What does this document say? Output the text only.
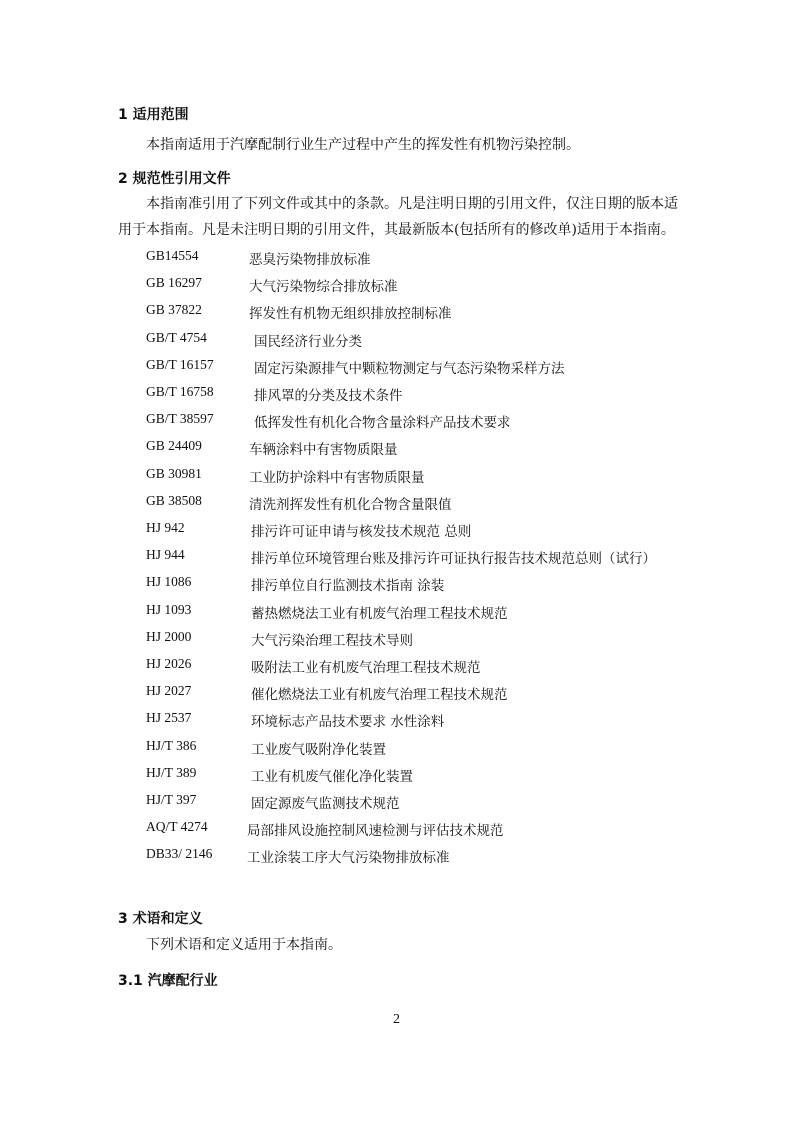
1 适用范围
本指南适用于汽摩配制行业生产过程中产生的挥发性有机物污染控制。
2 规范性引用文件
本指南准引用了下列文件或其中的条款。凡是注明日期的引用文件，仅注日期的版本适
用于本指南。凡是未注明日期的引用文件，其最新版本(包括所有的修改单)适用于本指南。
GB14554	恶臭污染物排放标准
GB 16297	大气污染物综合排放标准
GB 37822	挥发性有机物无组织排放控制标准
GB/T 4754	国民经济行业分类
GB/T 16157	固定污染源排气中颗粒物测定与气态污染物采样方法
GB/T 16758	排风罩的分类及技术条件
GB/T 38597	低挥发性有机化合物含量涂料产品技术要求
GB 24409	车辆涂料中有害物质限量
GB 30981	工业防护涂料中有害物质限量
GB 38508	清洗剂挥发性有机化合物含量限值
HJ 942	排污许可证申请与核发技术规范 总则
HJ 944	排污单位环境管理台账及排污许可证执行报告技术规范总则（试行）
HJ 1086	排污单位自行监测技术指南 涂装
HJ 1093	蓄热燃烧法工业有机废气治理工程技术规范
HJ 2000	大气污染治理工程技术导则
HJ 2026	吸附法工业有机废气治理工程技术规范
HJ 2027	催化燃烧法工业有机废气治理工程技术规范
HJ 2537	环境标志产品技术要求 水性涂料
HJ/T 386	工业废气吸附净化装置
HJ/T 389	工业有机废气催化净化装置
HJ/T 397	固定源废气监测技术规范
AQ/T 4274	局部排风设施控制风速检测与评估技术规范
DB33/ 2146	工业涂装工序大气污染物排放标准
3 术语和定义
下列术语和定义适用于本指南。
3.1 汽摩配行业
2
